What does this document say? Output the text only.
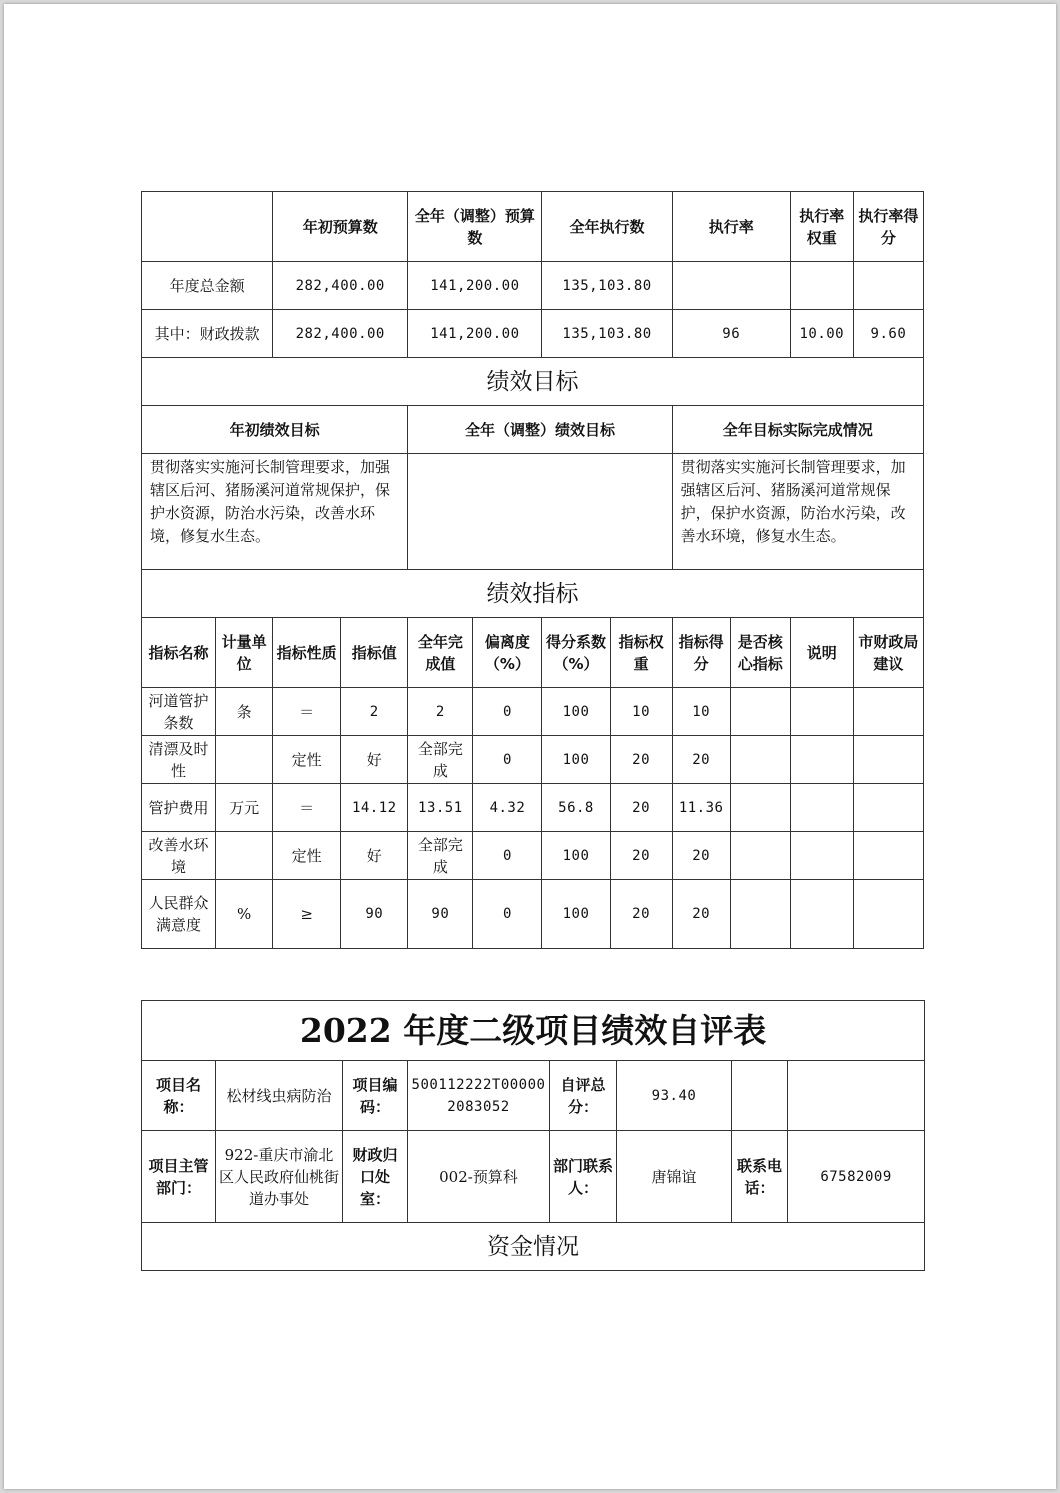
		年初预算数		全年（调整）预算数		全年执行数		执行率		执行率权重	执行率得分
年度总金额		282,400.00		141,200.00		135,103.80					
其中：财政拨款		282,400.00		141,200.00		135,103.80		96		10.00	9.60
绩效目标											
年初绩效目标				全年（调整）绩效目标				全年目标实际完成情况			
贯彻落实实施河长制管理要求，加强辖区后河、猪肠溪河道常规保护，保护水资源，防治水污染，改善水环境，修复水生态。								贯彻落实实施河长制管理要求，加强辖区后河、猪肠溪河道常规保护，保护水资源，防治水污染，改善水环境，修复水生态。			
绩效指标											
指标名称	计量单位	指标性质	指标值	全年完成值	偏离度（%）	得分系数（%）	指标权重	指标得分	是否核心指标	说明	市财政局建议
河道管护条数	条	＝	2	2	0	100	10	10			
清漂及时性		定性	好	全部完成	0	100	20	20			
管护费用	万元	＝	14.12	13.51	4.32	56.8	20	11.36			
改善水环境		定性	好	全部完成	0	100	20	20			
人民群众满意度	%	≥	90	90	0	100	20	20			
2022 年度二级项目绩效自评表							
项目名称：	松材线虫病防治	项目编码：	500112222T000002083052	自评总分：	93.40		
项目主管部门：	922-重庆市渝北区人民政府仙桃街道办事处	财政归口处室：	002-预算科	部门联系人：	唐锦谊	联系电话：	67582009
资金情况							
